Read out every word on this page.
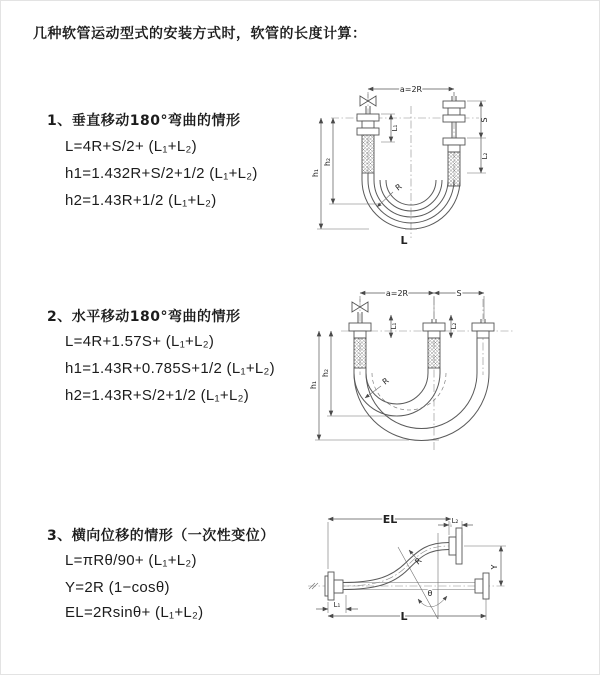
几种软管运动型式的安装方式时，软管的长度计算：
1、垂直移动180°弯曲的情形
L=4R+S/2+ (L₁+L₂)
h1=1.432R+S/2+1/2 (L₁+L₂)
h2=1.43R+1/2 (L₁+L₂)
2、水平移动180°弯曲的情形
L=4R+1.57S+ (L₁+L₂)
h1=1.43R+0.785S+1/2 (L₁+L₂)
h2=1.43R+S/2+1/2 (L₁+L₂)
3、横向位移的情形（一次性变位）
L=πRθ/90+ (L₁+L₂)
Y=2R (1−cosθ)
EL=2Rsinθ+ (L₁+L₂)
a=2R
h₁
h₂
L₁
S
L₂
R
L
a=2R	S
h₁
h₂
L₁	L₂
R
EL	L₂
Y
θ
R
L₁
L
